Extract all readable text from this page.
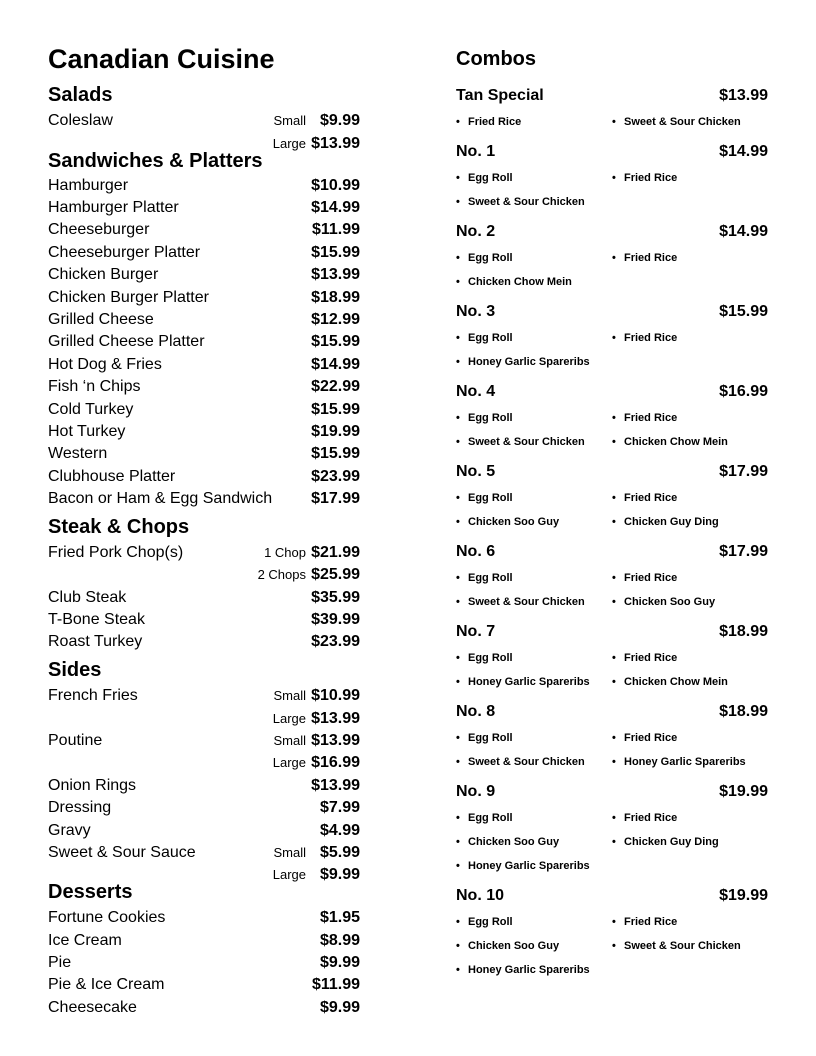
Canadian Cuisine
Salads
Coleslaw	Small $9.99
Large $13.99
Sandwiches & Platters
Hamburger	$10.99
Hamburger Platter	$14.99
Cheeseburger	$11.99
Cheeseburger Platter	$15.99
Chicken Burger	$13.99
Chicken Burger Platter	$18.99
Grilled Cheese	$12.99
Grilled Cheese Platter	$15.99
Hot Dog & Fries	$14.99
Fish ‘n Chips	$22.99
Cold Turkey	$15.99
Hot Turkey	$19.99
Western	$15.99
Clubhouse Platter	$23.99
Bacon or Ham & Egg Sandwich $17.99
Steak & Chops
Fried Pork Chop(s)	1 Chop $21.99
2 Chops $25.99
Club Steak	$35.99
T-Bone Steak	$39.99
Roast Turkey	$23.99
Sides
French Fries	Small $10.99
Large $13.99
Poutine	Small $13.99
Large $16.99
Onion Rings	$13.99
Dressing	$7.99
Gravy	$4.99
Sweet & Sour Sauce	Small $5.99
Large $9.99
Desserts
Fortune Cookies	$1.95
Ice Cream	$8.99
Pie	$9.99
Pie & Ice Cream	$11.99
Cheesecake	$9.99
Combos
Tan Special	$13.99
• Fried Rice	• Sweet & Sour Chicken
No. 1	$14.99
• Egg Roll	• Fried Rice
• Sweet & Sour Chicken
No. 2	$14.99
• Egg Roll	• Fried Rice
• Chicken Chow Mein
No. 3	$15.99
• Egg Roll	• Fried Rice
• Honey Garlic Spareribs
No. 4	$16.99
• Egg Roll	• Fried Rice
• Sweet & Sour Chicken	• Chicken Chow Mein
No. 5	$17.99
• Egg Roll	• Fried Rice
• Chicken Soo Guy	• Chicken Guy Ding
No. 6	$17.99
• Egg Roll	• Fried Rice
• Sweet & Sour Chicken	• Chicken Soo Guy
No. 7	$18.99
• Egg Roll	• Fried Rice
• Honey Garlic Spareribs	• Chicken Chow Mein
No. 8	$18.99
• Egg Roll	• Fried Rice
• Sweet & Sour Chicken	• Honey Garlic Spareribs
No. 9	$19.99
• Egg Roll	• Fried Rice
• Chicken Soo Guy	• Chicken Guy Ding
• Honey Garlic Spareribs
No. 10	$19.99
• Egg Roll	• Fried Rice
• Chicken Soo Guy	• Sweet & Sour Chicken
• Honey Garlic Spareribs
